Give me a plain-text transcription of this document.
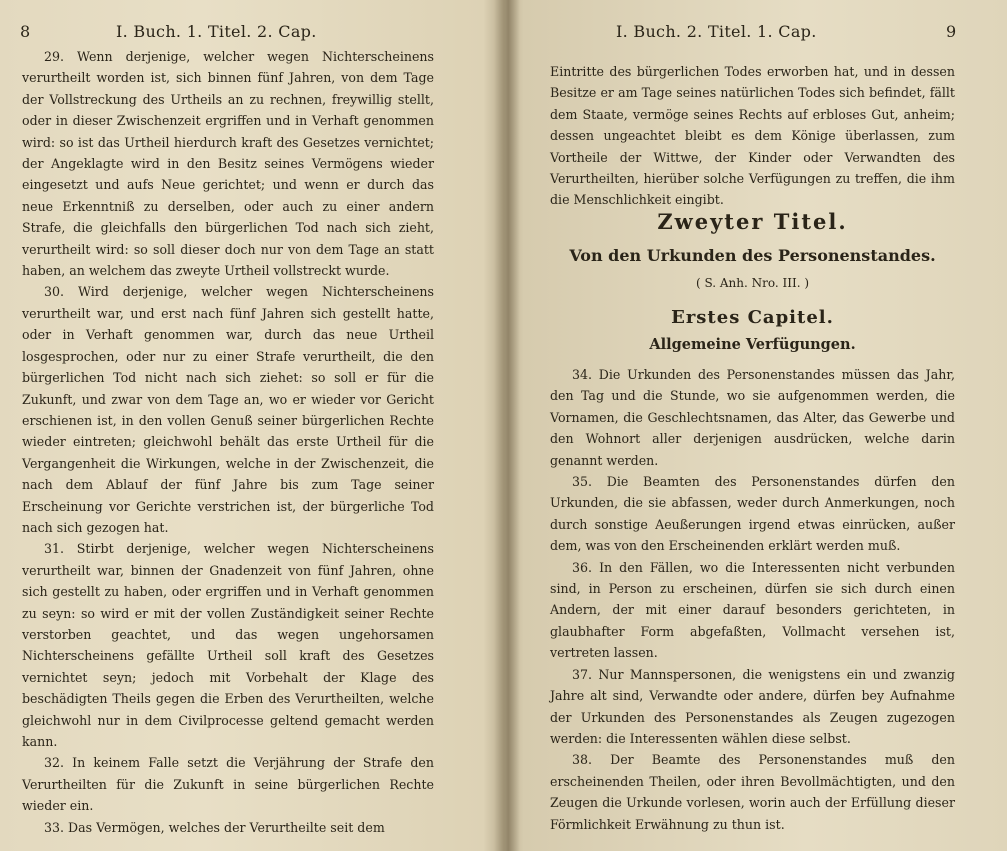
8	I. Buch. 1. Titel. 2. Cap.

29. Wenn derjenige, welcher wegen Nichterscheinens verurtheilt worden ist, sich binnen fünf Jahren, von dem Tage der Vollstreckung des Urtheils an zu rechnen, freywillig stellt, oder in dieser Zwischenzeit ergriffen und in Verhaft genommen wird: so ist das Urtheil hierdurch kraft des Gesetzes vernichtet; der Angeklagte wird in den Besitz seines Vermögens wieder eingesetzt und aufs Neue gerichtet; und wenn er durch das neue Erkenntniß zu derselben, oder auch zu einer andern Strafe, die gleichfalls den bürgerlichen Tod nach sich zieht, verurtheilt wird: so soll dieser doch nur von dem Tage an statt haben, an welchem das zweyte Urtheil vollstreckt wurde.

30. Wird derjenige, welcher wegen Nichterscheinens verurtheilt war, und erst nach fünf Jahren sich gestellt hatte, oder in Verhaft genommen war, durch das neue Urtheil losgesprochen, oder nur zu einer Strafe verurtheilt, die den bürgerlichen Tod nicht nach sich ziehet: so soll er für die Zukunft, und zwar von dem Tage an, wo er wieder vor Gericht erschienen ist, in den vollen Genuß seiner bürgerlichen Rechte wieder eintreten; gleichwohl behält das erste Urtheil für die Vergangenheit die Wirkungen, welche in der Zwischenzeit, die nach dem Ablauf der fünf Jahre bis zum Tage seiner Erscheinung vor Gerichte verstrichen ist, der bürgerliche Tod nach sich gezogen hat.

31. Stirbt derjenige, welcher wegen Nichterscheinens verurtheilt war, binnen der Gnadenzeit von fünf Jahren, ohne sich gestellt zu haben, oder ergriffen und in Verhaft genommen zu seyn: so wird er mit der vollen Zuständigkeit seiner Rechte verstorben geachtet, und das wegen ungehorsamen Nichterscheinens gefällte Urtheil soll kraft des Gesetzes vernichtet seyn; jedoch mit Vorbehalt der Klage des beschädigten Theils gegen die Erben des Verurtheilten, welche gleichwohl nur in dem Civilprocesse geltend gemacht werden kann.

32. In keinem Falle setzt die Verjährung der Strafe den Verurtheilten für die Zukunft in seine bürgerlichen Rechte wieder ein.

33. Das Vermögen, welches der Verurtheilte seit dem

I. Buch. 2. Titel. 1. Cap.	9

Eintritte des bürgerlichen Todes erworben hat, und in dessen Besitze er am Tage seines natürlichen Todes sich befindet, fällt dem Staate, vermöge seines Rechts auf erbloses Gut, anheim; dessen ungeachtet bleibt es dem Könige überlassen, zum Vortheile der Wittwe, der Kinder oder Verwandten des Verurtheilten, hierüber solche Verfügungen zu treffen, die ihm die Menschlichkeit eingibt.

Zweyter Titel.
Von den Urkunden des Personenstandes.
( S. Anh. Nro. III. )
Erstes Capitel.
Allgemeine Verfügungen.

34. Die Urkunden des Personenstandes müssen das Jahr, den Tag und die Stunde, wo sie aufgenommen werden, die Vornamen, die Geschlechtsnamen, das Alter, das Gewerbe und den Wohnort aller derjenigen ausdrücken, welche darin genannt werden.

35. Die Beamten des Personenstandes dürfen den Urkunden, die sie abfassen, weder durch Anmerkungen, noch durch sonstige Aeußerungen irgend etwas einrücken, außer dem, was von den Erscheinenden erklärt werden muß.

36. In den Fällen, wo die Interessenten nicht verbunden sind, in Person zu erscheinen, dürfen sie sich durch einen Andern, der mit einer darauf besonders gerichteten, in glaubhafter Form abgefaßten, Vollmacht versehen ist, vertreten lassen.

37. Nur Mannspersonen, die wenigstens ein und zwanzig Jahre alt sind, Verwandte oder andere, dürfen bey Aufnahme der Urkunden des Personenstandes als Zeugen zugezogen werden: die Interessenten wählen diese selbst.

38. Der Beamte des Personenstandes muß den erscheinenden Theilen, oder ihren Bevollmächtigten, und den Zeugen die Urkunde vorlesen, worin auch der Erfüllung dieser Förmlichkeit Erwähnung zu thun ist.
